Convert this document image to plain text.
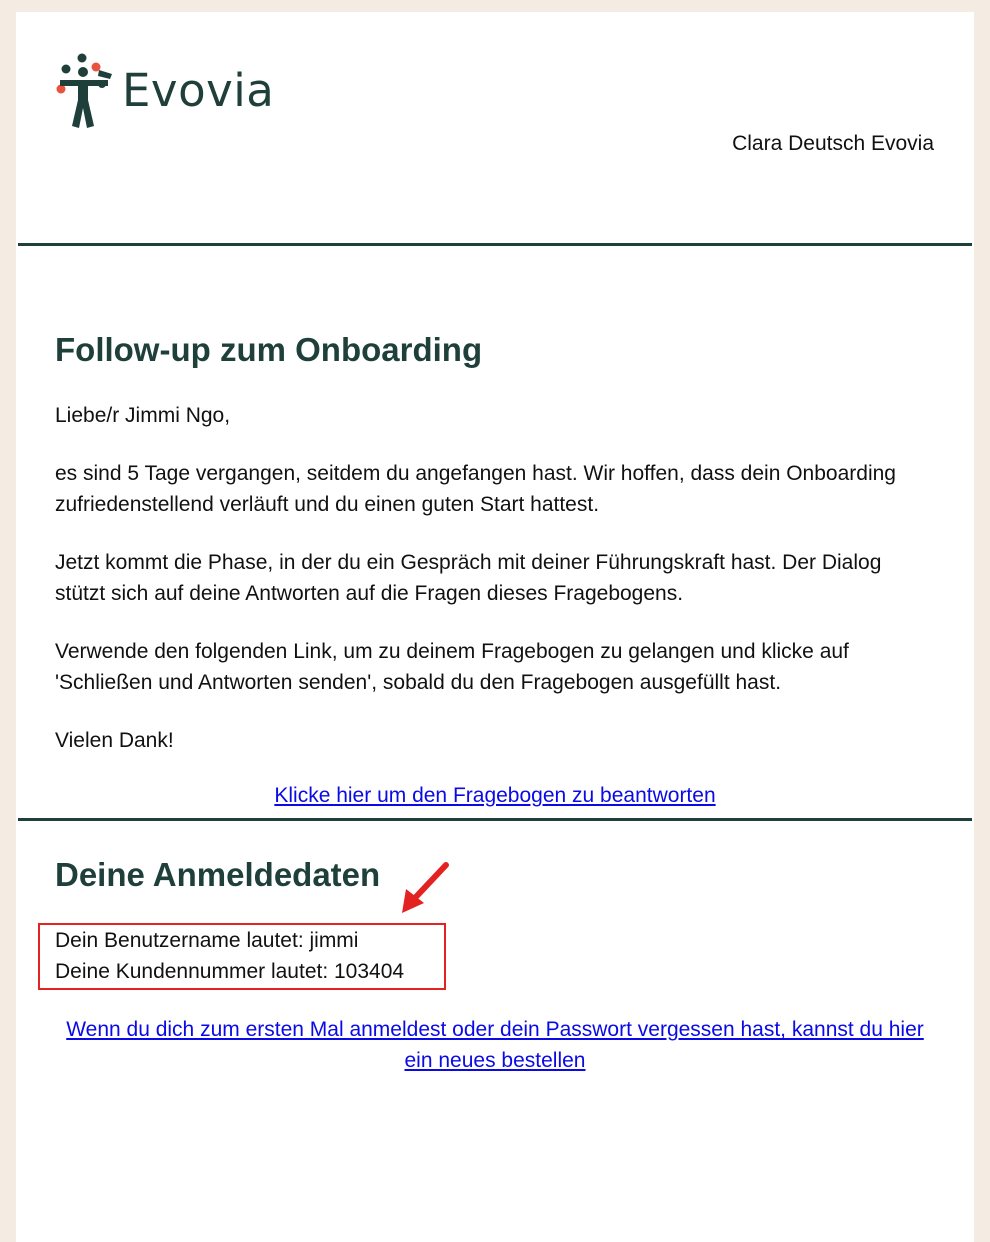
Evovia
Clara Deutsch Evovia
Follow-up zum Onboarding

Liebe/r Jimmi Ngo,

es sind 5 Tage vergangen, seitdem du angefangen hast. Wir hoffen, dass dein Onboarding zufriedenstellend verläuft und du einen guten Start hattest.

Jetzt kommt die Phase, in der du ein Gespräch mit deiner Führungskraft hast. Der Dialog stützt sich auf deine Antworten auf die Fragen dieses Fragebogens.

Verwende den folgenden Link, um zu deinem Fragebogen zu gelangen und klicke auf 'Schließen und Antworten senden', sobald du den Fragebogen ausgefüllt hast.

Vielen Dank!

Klicke hier um den Fragebogen zu beantworten
Deine Anmeldedaten
Dein Benutzername lautet: jimmi
Deine Kundennummer lautet: 103404
Wenn du dich zum ersten Mal anmeldest oder dein Passwort vergessen hast, kannst du hier ein neues bestellen
